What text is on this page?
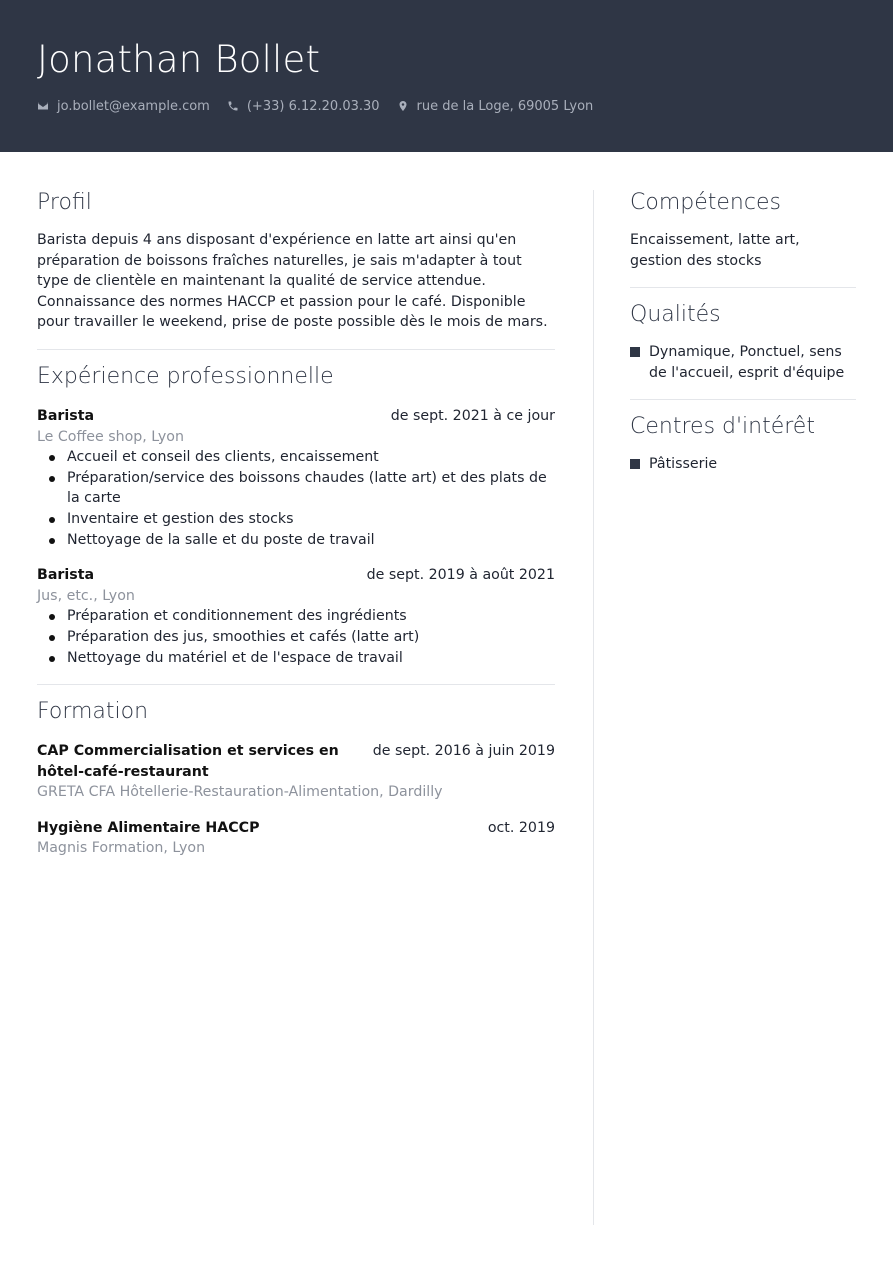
Jonathan Bollet
jo.bollet@example.com	(+33) 6.12.20.03.30	rue de la Loge, 69005 Lyon
Profil

Barista depuis 4 ans disposant d'expérience en latte art ainsi qu'en préparation de boissons fraîches naturelles, je sais m'adapter à tout type de clientèle en maintenant la qualité de service attendue. Connaissance des normes HACCP et passion pour le café. Disponible pour travailler le weekend, prise de poste possible dès le mois de mars.

Expérience professionnelle
Barista	de sept. 2021 à ce jour
Le Coffee shop, Lyon
Accueil et conseil des clients, encaissement
Préparation/service des boissons chaudes (latte art) et des plats de la carte
Inventaire et gestion des stocks
Nettoyage de la salle et du poste de travail
Barista	de sept. 2019 à août 2021
Jus, etc., Lyon
Préparation et conditionnement des ingrédients
Préparation des jus, smoothies et cafés (latte art)
Nettoyage du matériel et de l'espace de travail
Formation
CAP Commercialisation et services en hôtel-café-restaurant
de sept. 2016 à juin 2019
GRETA CFA Hôtellerie-Restauration-Alimentation, Dardilly
Hygiène Alimentaire HACCP	oct. 2019
Magnis Formation, Lyon
Compétences

Encaissement, latte art, gestion des stocks

Qualités
Dynamique, Ponctuel, sens de l'accueil, esprit d'équipe
Centres d'intérêt
Pâtisserie
